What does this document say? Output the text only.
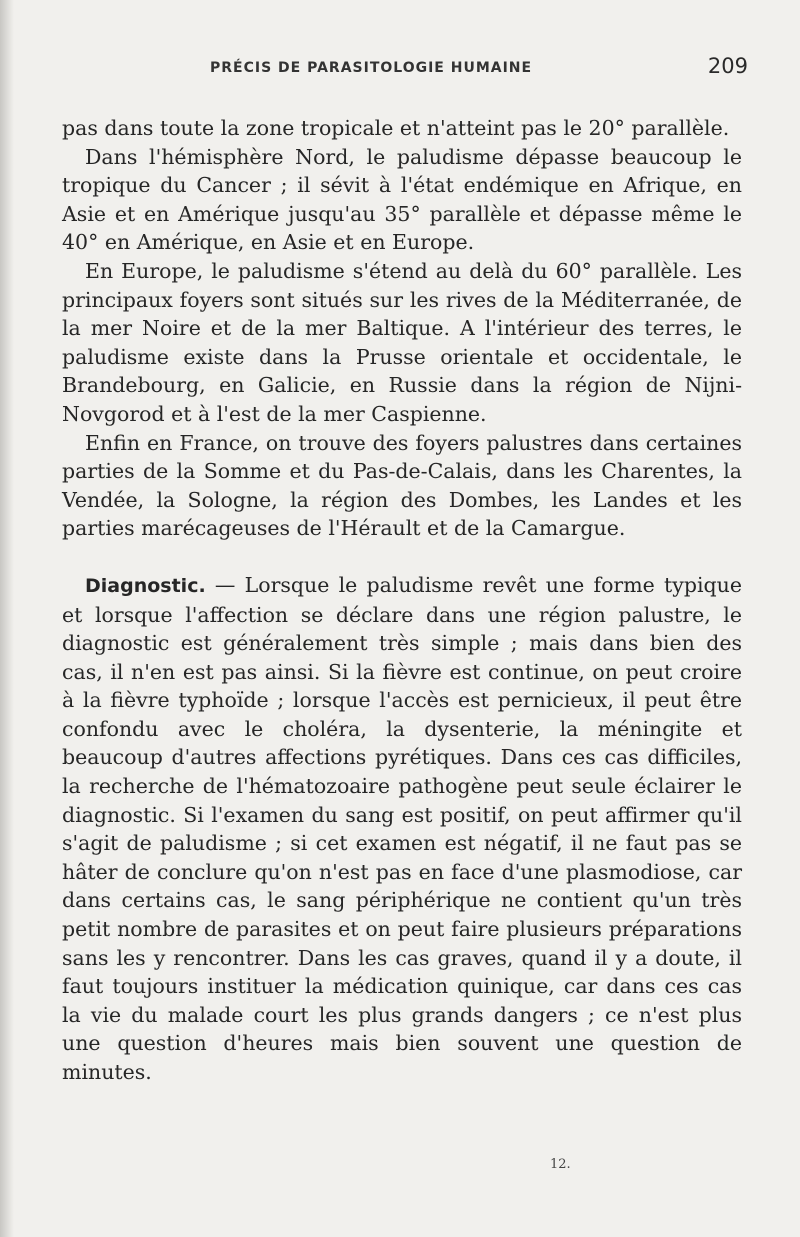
PRÉCIS DE PARASITOLOGIE HUMAINE	209

pas dans toute la zone tropicale et n'atteint pas le 20° parallèle.

Dans l'hémisphère Nord, le paludisme dépasse beaucoup le tropique du Cancer ; il sévit à l'état endémique en Afrique, en Asie et en Amérique jusqu'au 35° parallèle et dépasse même le 40° en Amérique, en Asie et en Europe.

En Europe, le paludisme s'étend au delà du 60° parallèle. Les principaux foyers sont situés sur les rives de la Méditerranée, de la mer Noire et de la mer Baltique. A l'intérieur des terres, le paludisme existe dans la Prusse orientale et occidentale, le Brandebourg, en Galicie, en Russie dans la région de Nijni-Novgorod et à l'est de la mer Caspienne.

Enfin en France, on trouve des foyers palustres dans certaines parties de la Somme et du Pas-de-Calais, dans les Charentes, la Vendée, la Sologne, la région des Dombes, les Landes et les parties marécageuses de l'Hérault et de la Camargue.

Diagnostic. — Lorsque le paludisme revêt une forme typique et lorsque l'affection se déclare dans une région palustre, le diagnostic est généralement très simple ; mais dans bien des cas, il n'en est pas ainsi. Si la fièvre est continue, on peut croire à la fièvre typhoïde ; lorsque l'accès est pernicieux, il peut être confondu avec le choléra, la dysenterie, la méningite et beaucoup d'autres affections pyrétiques. Dans ces cas difficiles, la recherche de l'hématozoaire pathogène peut seule éclairer le diagnostic. Si l'examen du sang est positif, on peut affirmer qu'il s'agit de paludisme ; si cet examen est négatif, il ne faut pas se hâter de conclure qu'on n'est pas en face d'une plasmodiose, car dans certains cas, le sang périphérique ne contient qu'un très petit nombre de parasites et on peut faire plusieurs préparations sans les y rencontrer. Dans les cas graves, quand il y a doute, il faut toujours instituer la médication quinique, car dans ces cas la vie du malade court les plus grands dangers ; ce n'est plus une question d'heures mais bien souvent une question de minutes.

12.
